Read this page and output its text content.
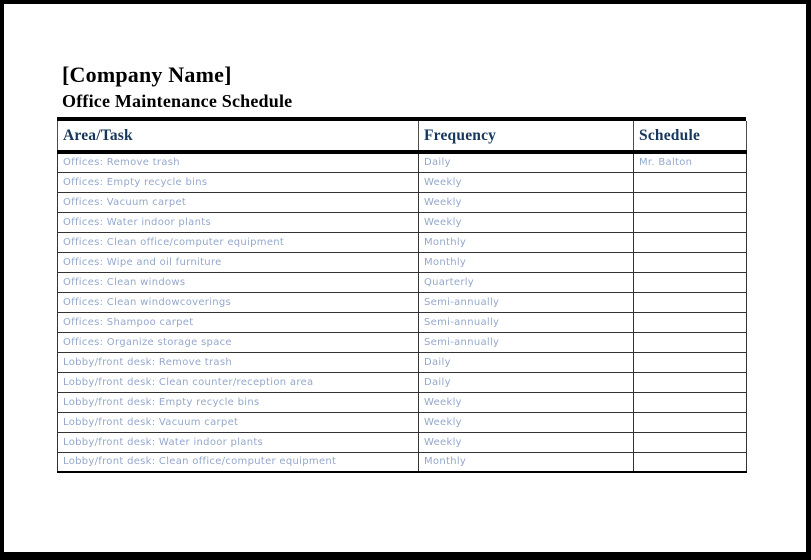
[Company Name]
Office Maintenance Schedule
Area/Task	Frequency	Schedule
Offices: Remove trash	Daily	Mr. Balton
Offices: Empty recycle bins	Weekly	
Offices: Vacuum carpet	Weekly	
Offices: Water indoor plants	Weekly	
Offices: Clean office/computer equipment	Monthly	
Offices: Wipe and oil furniture	Monthly	
Offices: Clean windows	Quarterly	
Offices: Clean windowcoverings	Semi-annually	
Offices: Shampoo carpet	Semi-annually	
Offices: Organize storage space	Semi-annually	
Lobby/front desk: Remove trash	Daily	
Lobby/front desk: Clean counter/reception area	Daily	
Lobby/front desk: Empty recycle bins	Weekly	
Lobby/front desk: Vacuum carpet	Weekly	
Lobby/front desk: Water indoor plants	Weekly	
Lobby/front desk: Clean office/computer equipment	Monthly	
